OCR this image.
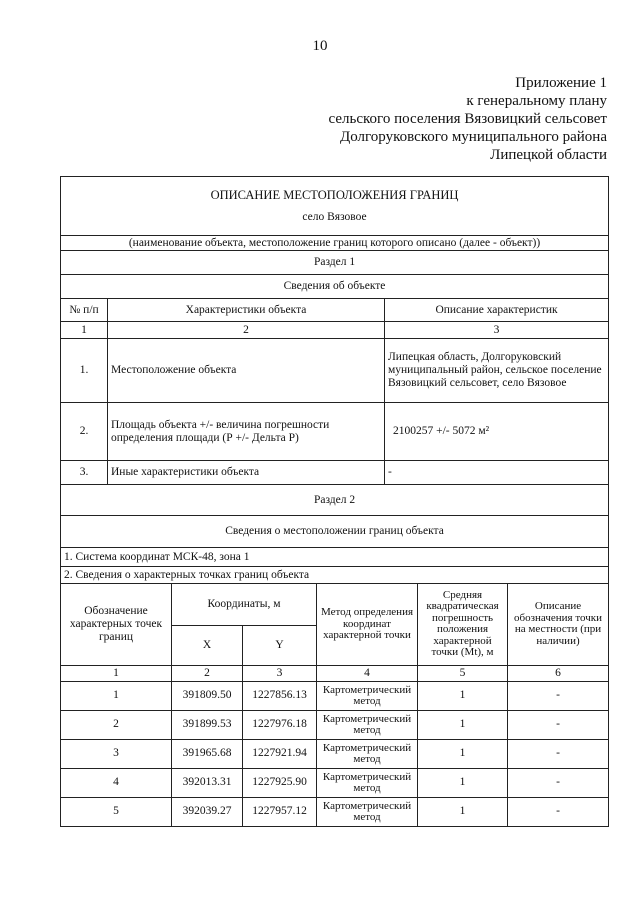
10
Приложение 1
к генеральному плану
сельского поселения Вязовицкий сельсовет
Долгоруковского муниципального района
Липецкой области
ОПИСАНИЕ МЕСТОПОЛОЖЕНИЯ ГРАНИЦ
село Вязовое		

(наименование объекта, местоположение границ которого описано (далее - объект))		
Раздел 1		
Сведения об объекте		
№ п/п	Характеристики объекта	Описание характеристик
1	2	3
1.	Местоположение объекта	Липецкая область, Долгоруковский муниципальный район, сельское поселение Вязовицкий сельсовет, село Вязовое
2.	Площадь объекта +/- величина погрешности определения площади (Р +/- Дельта Р)	2100257 +/- 5072 м²
3.	Иные характеристики объекта	-
Раздел 2		
Сведения о местоположении границ объекта		
1. Система координат МСК-48, зона 1		
2. Сведения о характерных точках границ объекта		
Обозначение характерных точек границ	Координаты, м		Метод определения координат характерной точки	Средняя квадратическая погрешность положения характерной точки (Mt), м	Описание обозначения точки на местности (при наличии)
	X	Y			
1	2	3	4	5	6
1	391809.50	1227856.13	Картометрический метод	1	-
2	391899.53	1227976.18	Картометрический метод	1	-
3	391965.68	1227921.94	Картометрический метод	1	-
4	392013.31	1227925.90	Картометрический метод	1	-
5	392039.27	1227957.12	Картометрический метод	1	-
